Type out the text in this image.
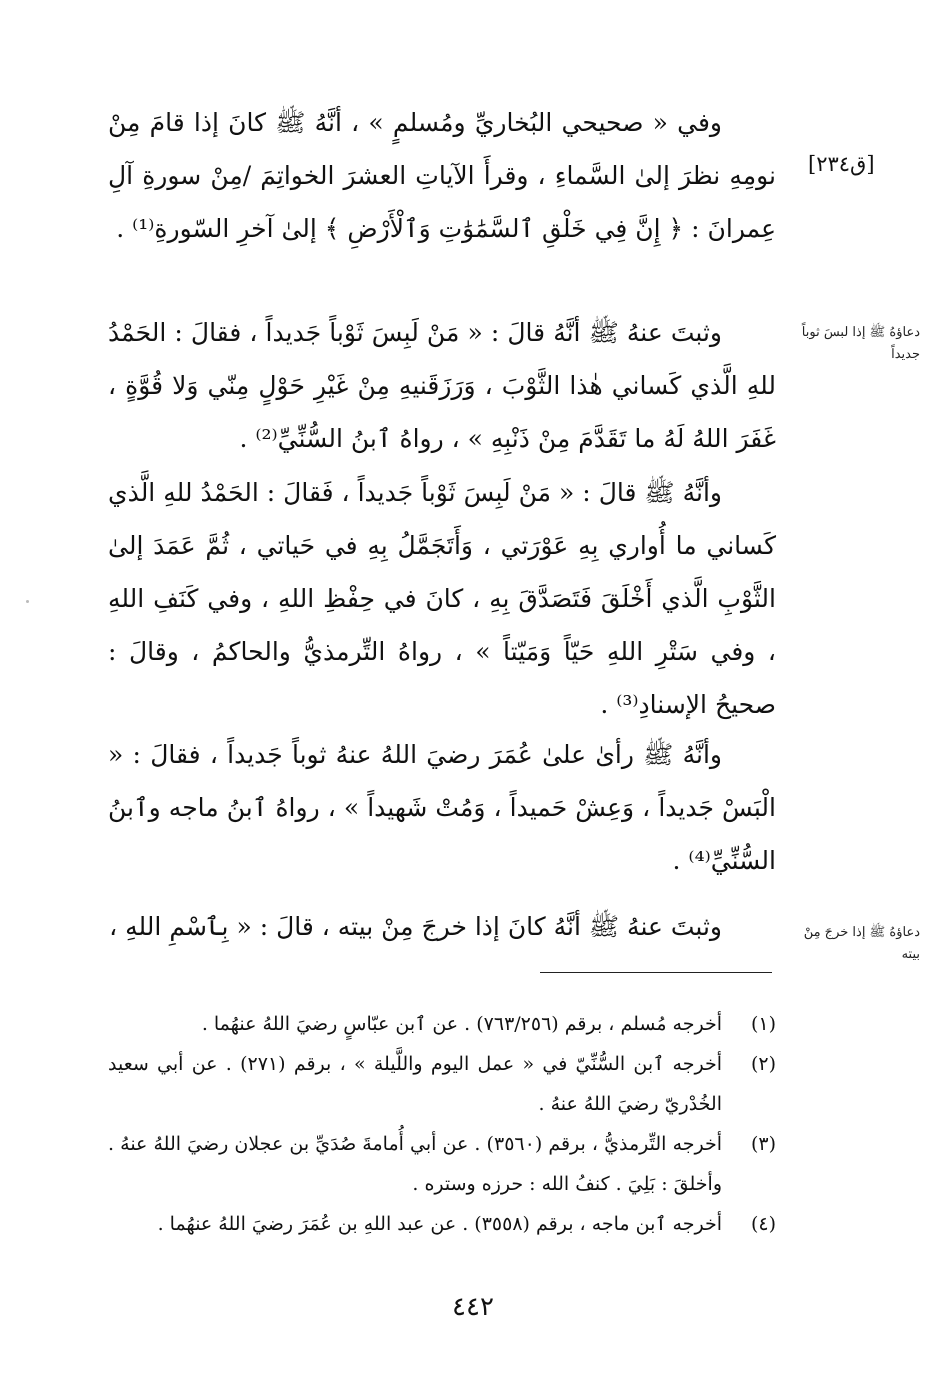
[ق٢٣٤]
دعاؤهُ ﷺ إذا لبسَ ثوباً جديداً
دعاؤهُ ﷺ إذا خرجَ مِنْ بيته

وفي « صحيحي البُخاريِّ ومُسلمٍ » ، أنَّهُ ﷺ كانَ إذا قامَ مِنْ نومِهِ نظرَ إلىٰ السَّماءِ ، وقرأَ الآياتِ العشرَ الخواتِمَ /مِنْ سورةِ آلِ عِمرانَ : ﴿ إِنَّ فِي خَلْقِ ٱلسَّمَٰوَٰتِ وَٱلْأَرْضِ ﴾ إلىٰ آخرِ السّورةِ⁽¹⁾ .

وثبتَ عنهُ ﷺ أنَّهُ قالَ : « مَنْ لَبِسَ ثَوْباً جَديداً ، فقالَ : الحَمْدُ للهِ الَّذي كَساني هٰذا الثَّوْبَ ، وَرَزَقَنيهِ مِنْ غَيْرِ حَوْلٍ مِنّي وَلا قُوَّةٍ ، غَفَرَ اللهُ لَهُ ما تَقَدَّمَ مِنْ ذَنْبِهِ » ، رواهُ ٱبنُ السُّنِّيِّ⁽²⁾ .

وأنَّهُ ﷺ قالَ : « مَنْ لَبِسَ ثَوْباً جَديداً ، فَقالَ : الحَمْدُ للهِ الَّذي كَساني ما أُواري بِهِ عَوْرَتي ، وَأَتَجَمَّلُ بِهِ في حَياتي ، ثُمَّ عَمَدَ إلىٰ الثَّوْبِ الَّذي أَخْلَقَ فَتَصَدَّقَ بِهِ ، كانَ في حِفْظِ اللهِ ، وفي كَنَفِ اللهِ ، وفي سَتْرِ اللهِ حَيّاً وَمَيّتاً » ، رواهُ التِّرمذيُّ والحاكمُ ، وقالَ : صحيحُ الإسنادِ⁽³⁾ .

وأنَّهُ ﷺ رأىٰ علىٰ عُمَرَ رضيَ اللهُ عنهُ ثوباً جَديداً ، فقالَ : « الْبَسْ جَديداً ، وَعِشْ حَميداً ، وَمُتْ شَهيداً » ، رواهُ ٱبنُ ماجه وٱبنُ السُّنِّيِّ⁽⁴⁾ .

وثبتَ عنهُ ﷺ أنَّهُ كانَ إذا خرجَ مِنْ بيته ، قالَ : « بِٱسْمِ اللهِ ،

(١)
أخرجه مُسلم ، برقم (٧٦٣/٢٥٦) . عن ٱبن عبّاسٍ رضيَ اللهُ عنهُما .
(٢)
أخرجه ٱبن السُّنِّيّ في « عمل اليوم واللَّيلة » ، برقم (٢٧١) . عن أبي سعيد الخُدْريّ رضيَ اللهُ عنهُ .
(٣)
أخرجه التِّرمذيُّ ، برقم (٣٥٦٠) . عن أبي أُمامةَ صُدَيِّ بن عجلان رضيَ اللهُ عنهُ . وأخلقَ : بَلِيَ . كنفُ الله : حرزه وستره .
(٤)
أخرجه ٱبن ماجه ، برقم (٣٥٥٨) . عن عبد اللهِ بن عُمَرَ رضيَ اللهُ عنهُما .
٤٤٢
